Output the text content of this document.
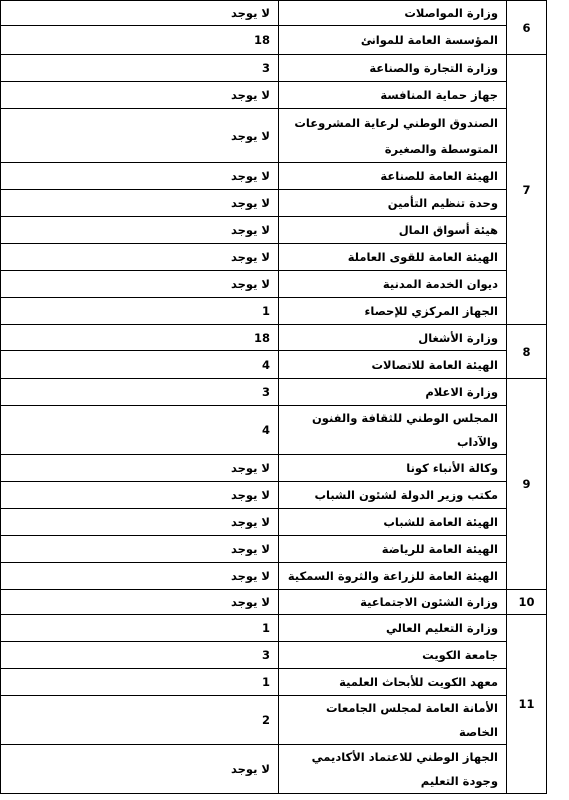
6	وزارة المواصلات	لا يوجد
	المؤسسة العامة للموانئ	18
7	وزارة التجارة والصناعة	3
	جهاز حماية المنافسة	لا يوجد
	الصندوق الوطني لرعاية المشروعات المتوسطة والصغيرة	لا يوجد
	الهيئة العامة للصناعة	لا يوجد
	وحدة تنظيم التأمين	لا يوجد
	هيئة أسواق المال	لا يوجد
	الهيئة العامة للقوى العاملة	لا يوجد
	ديوان الخدمة المدنية	لا يوجد
	الجهاز المركزي للإحصاء	1
8	وزارة الأشغال	18
	الهيئة العامة للاتصالات	4
9	وزارة الاعلام	3
	المجلس الوطني للثقافة والفنون والآداب	4
	وكالة الأنباء كونا	لا يوجد
	مكتب وزير الدولة لشئون الشباب	لا يوجد
	الهيئة العامة للشباب	لا يوجد
	الهيئة العامة للرياضة	لا يوجد
	الهيئة العامة للزراعة والثروة السمكية	لا يوجد
10	وزارة الشئون الاجتماعية	لا يوجد
11	وزارة التعليم العالي	1
	جامعة الكويت	3
	معهد الكويت للأبحاث العلمية	1
	الأمانة العامة لمجلس الجامعات الخاصة	2
	الجهاز الوطني للاعتماد الأكاديمي وجودة التعليم	لا يوجد
